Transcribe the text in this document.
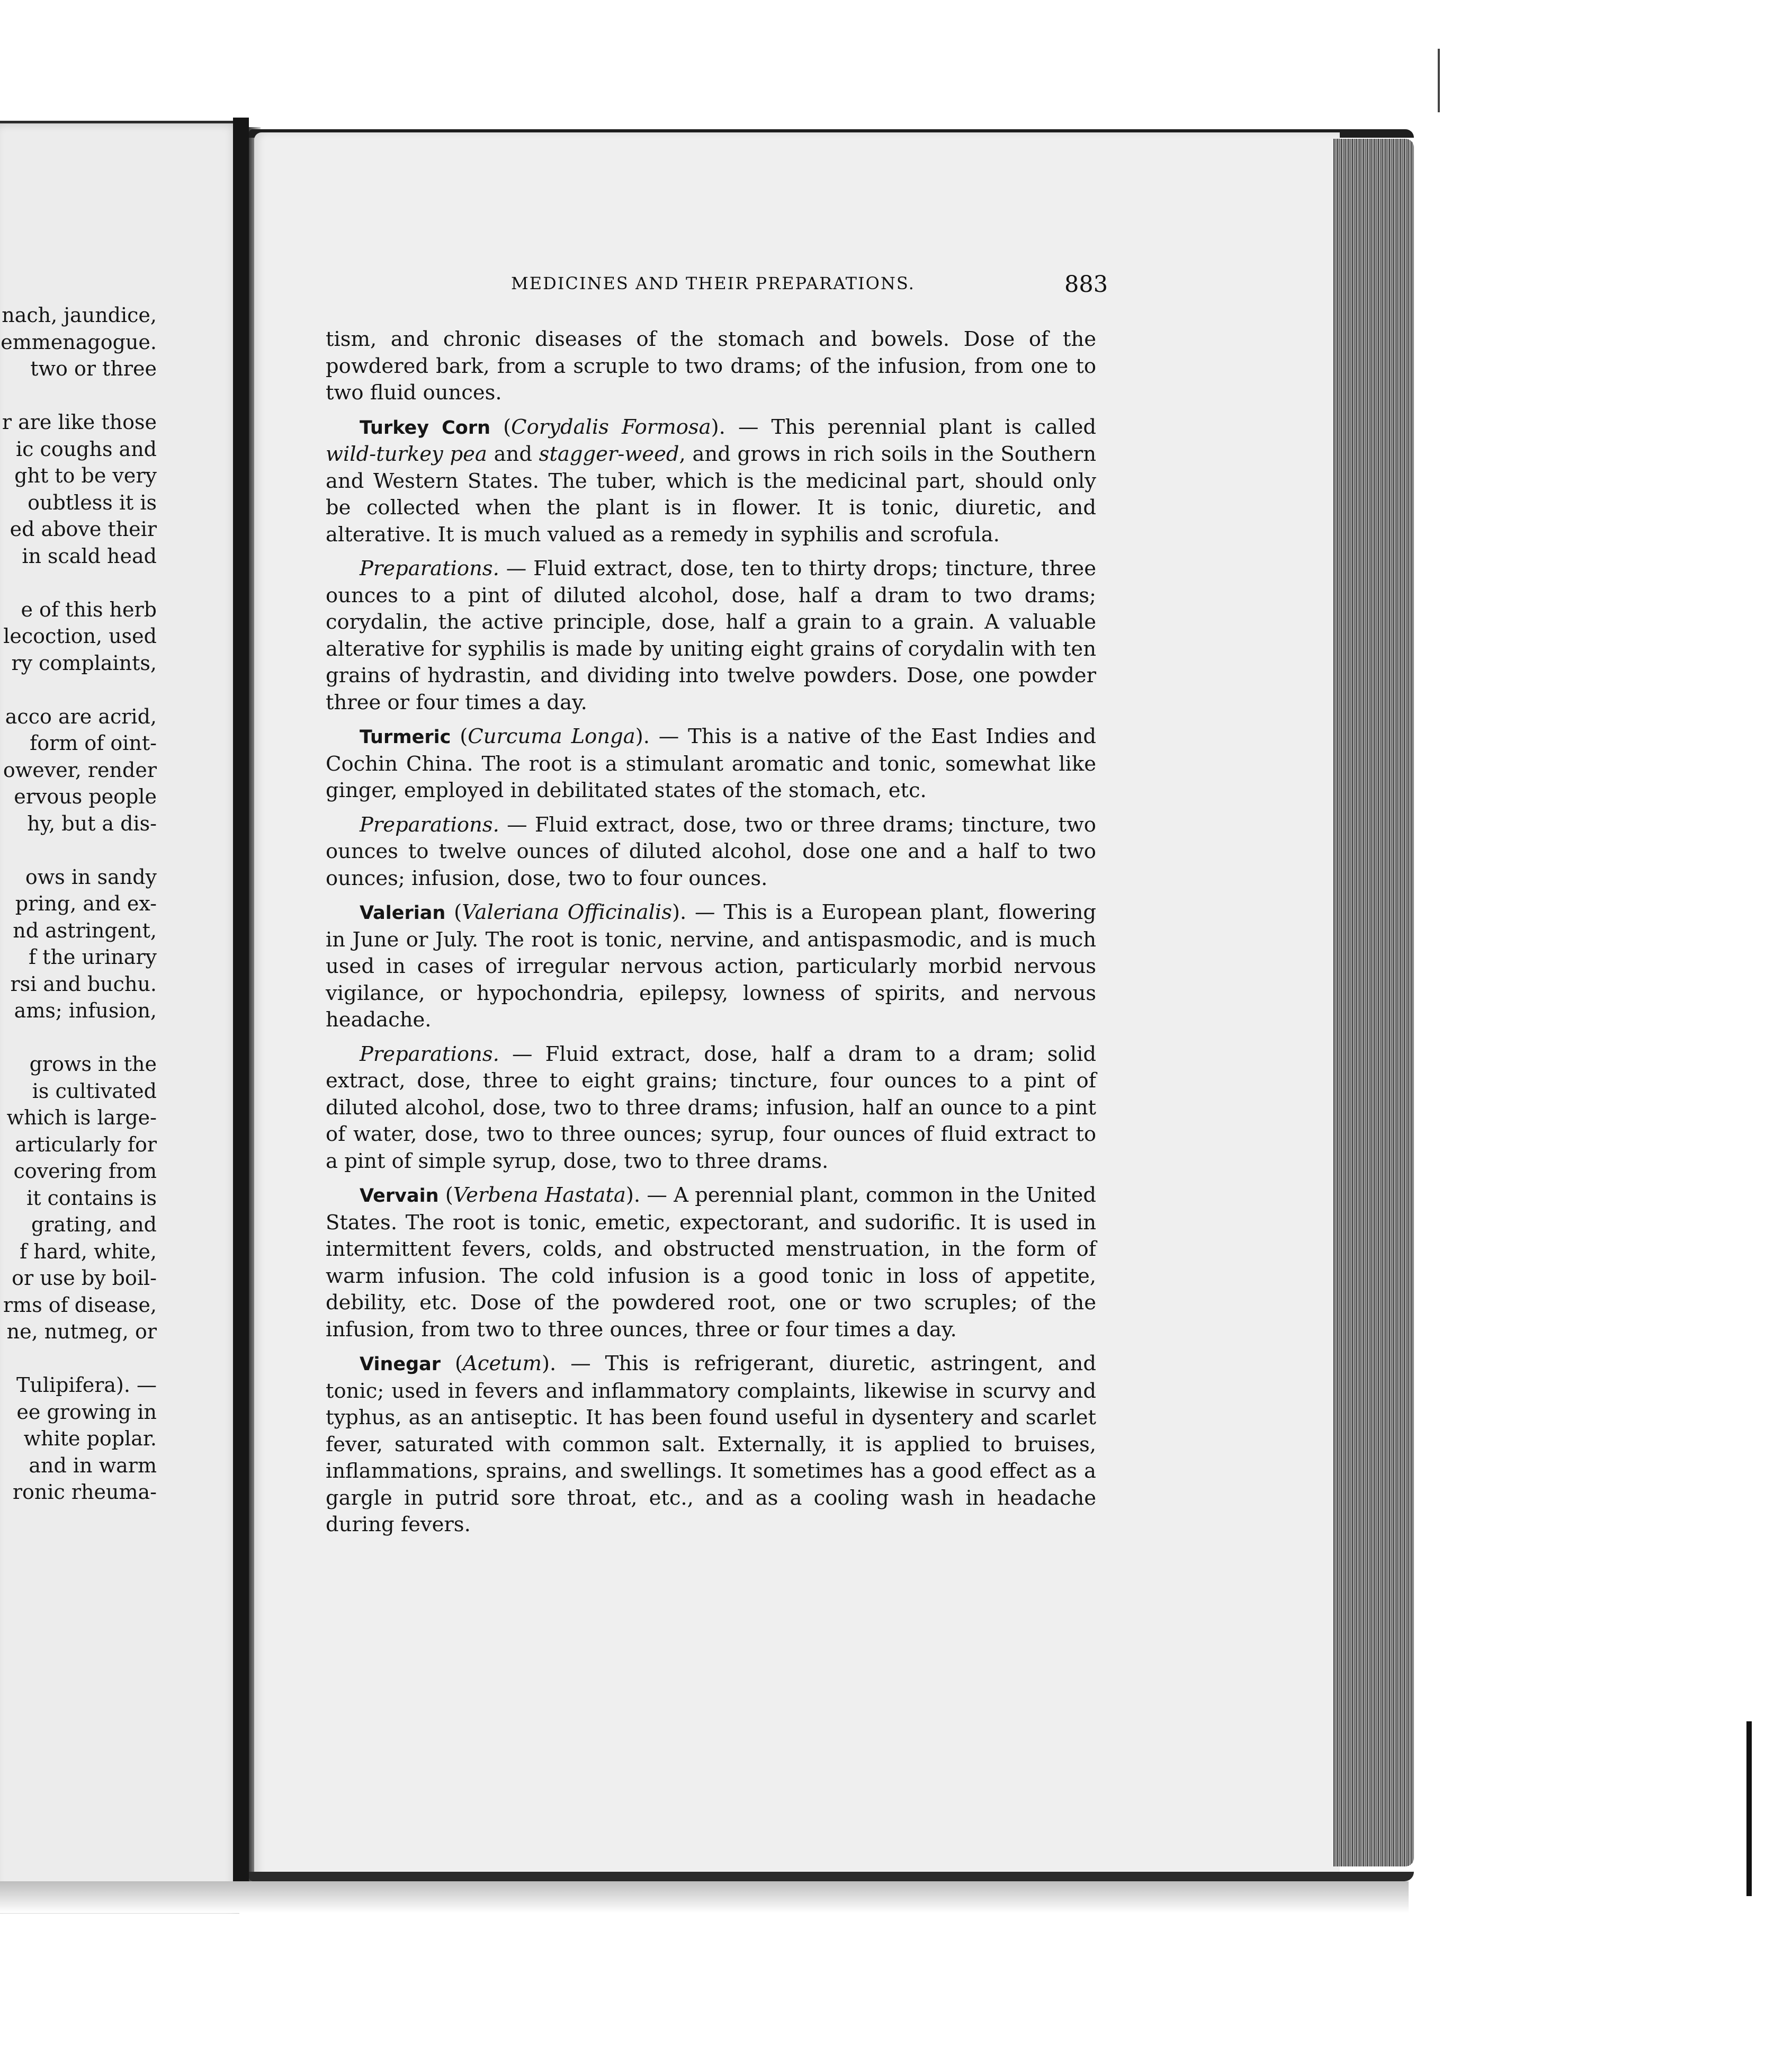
nach, jaundice,
emmenagogue.
two or three
r are like those
ic coughs and
ght to be very
oubtless it is
ed above their
in scald head
e of this herb
lecoction, used
ry complaints,
acco are acrid,
form of oint-
owever, render
ervous people
hy, but a dis-
ows in sandy
pring, and ex-
nd astringent,
f the urinary
rsi and buchu.
ams; infusion,
grows in the
is cultivated
which is large-
articularly for
covering from
it contains is
grating, and
f hard, white,
or use by boil-
rms of disease,
ne, nutmeg, or
Tulipifera). —
ee growing in
white poplar.
and in warm
ronic rheuma-
MEDICINES AND THEIR PREPARATIONS.	883

tism, and chronic diseases of the stomach and bowels. Dose of the powdered bark, from a scruple to two drams; of the infusion, from one to two fluid ounces.

Turkey Corn (Corydalis Formosa). — This perennial plant is called wild-turkey pea and stagger-weed, and grows in rich soils in the Southern and Western States. The tuber, which is the medicinal part, should only be collected when the plant is in flower. It is tonic, diuretic, and alterative. It is much valued as a remedy in syphilis and scrofula.

Preparations. — Fluid extract, dose, ten to thirty drops; tincture, three ounces to a pint of diluted alcohol, dose, half a dram to two drams; corydalin, the active principle, dose, half a grain to a grain. A valuable alterative for syphilis is made by uniting eight grains of corydalin with ten grains of hydrastin, and dividing into twelve powders. Dose, one powder three or four times a day.

Turmeric (Curcuma Longa). — This is a native of the East Indies and Cochin China. The root is a stimulant aromatic and tonic, somewhat like ginger, employed in debilitated states of the stomach, etc.

Preparations. — Fluid extract, dose, two or three drams; tincture, two ounces to twelve ounces of diluted alcohol, dose one and a half to two ounces; infusion, dose, two to four ounces.

Valerian (Valeriana Officinalis). — This is a European plant, flowering in June or July. The root is tonic, nervine, and antispasmodic, and is much used in cases of irregular nervous action, particularly morbid nervous vigilance, or hypochondria, epilepsy, lowness of spirits, and nervous headache.

Preparations. — Fluid extract, dose, half a dram to a dram; solid extract, dose, three to eight grains; tincture, four ounces to a pint of diluted alcohol, dose, two to three drams; infusion, half an ounce to a pint of water, dose, two to three ounces; syrup, four ounces of fluid extract to a pint of simple syrup, dose, two to three drams.

Vervain (Verbena Hastata). — A perennial plant, common in the United States. The root is tonic, emetic, expectorant, and sudorific. It is used in intermittent fevers, colds, and obstructed menstruation, in the form of warm infusion. The cold infusion is a good tonic in loss of appetite, debility, etc. Dose of the powdered root, one or two scruples; of the infusion, from two to three ounces, three or four times a day.

Vinegar (Acetum). — This is refrigerant, diuretic, astringent, and tonic; used in fevers and inflammatory complaints, likewise in scurvy and typhus, as an antiseptic. It has been found useful in dysentery and scarlet fever, saturated with common salt. Externally, it is applied to bruises, inflammations, sprains, and swellings. It sometimes has a good effect as a gargle in putrid sore throat, etc., and as a cooling wash in headache during fevers.
